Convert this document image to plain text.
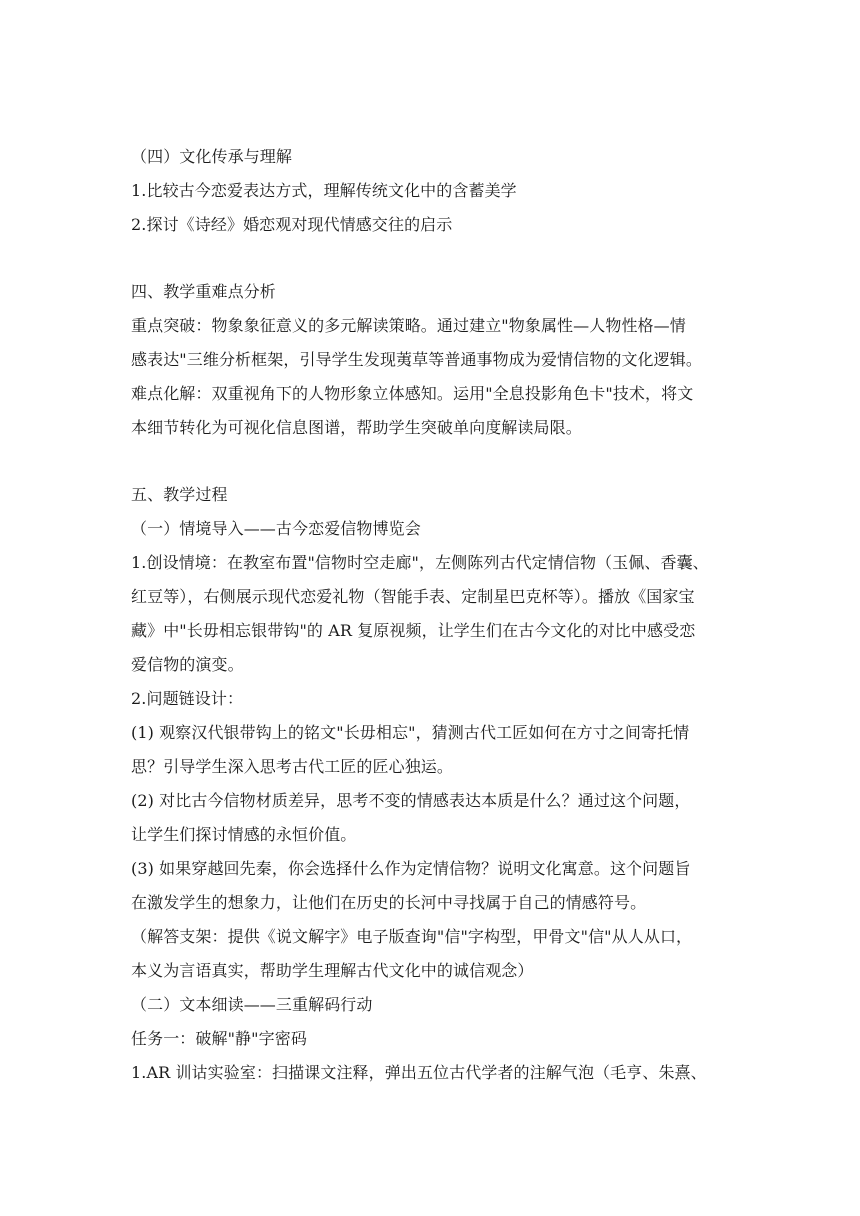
（四）文化传承与理解
1.比较古今恋爱表达方式，理解传统文化中的含蓄美学
2.探讨《诗经》婚恋观对现代情感交往的启示
四、教学重难点分析
重点突破：物象象征意义的多元解读策略。通过建立"物象属性—人物性格—情
感表达"三维分析框架，引导学生发现荑草等普通事物成为爱情信物的文化逻辑。
难点化解：双重视角下的人物形象立体感知。运用"全息投影角色卡"技术，将文
本细节转化为可视化信息图谱，帮助学生突破单向度解读局限。
五、教学过程
（一）情境导入——古今恋爱信物博览会
1.创设情境：在教室布置"信物时空走廊"，左侧陈列古代定情信物（玉佩、香囊、
红豆等），右侧展示现代恋爱礼物（智能手表、定制星巴克杯等）。播放《国家宝
藏》中"长毋相忘银带钩"的 AR 复原视频，让学生们在古今文化的对比中感受恋
爱信物的演变。
2.问题链设计：
(1) 观察汉代银带钩上的铭文"长毋相忘"，猜测古代工匠如何在方寸之间寄托情
思？引导学生深入思考古代工匠的匠心独运。
(2) 对比古今信物材质差异，思考不变的情感表达本质是什么？通过这个问题，
让学生们探讨情感的永恒价值。
(3) 如果穿越回先秦，你会选择什么作为定情信物？说明文化寓意。这个问题旨
在激发学生的想象力，让他们在历史的长河中寻找属于自己的情感符号。
（解答支架：提供《说文解字》电子版查询"信"字构型，甲骨文"信"从人从口，
本义为言语真实，帮助学生理解古代文化中的诚信观念）
（二）文本细读——三重解码行动
任务一：破解"静"字密码
1.AR 训诂实验室：扫描课文注释，弹出五位古代学者的注解气泡（毛亨、朱熹、
